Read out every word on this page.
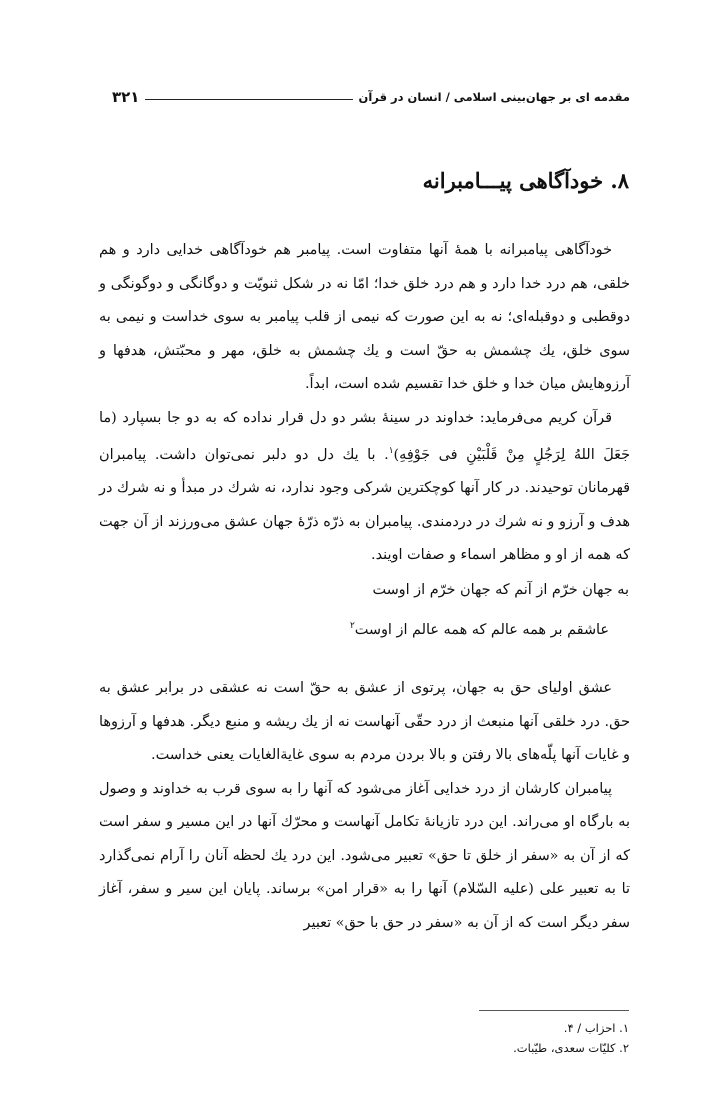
مقدمه ای بر جهان‌بینی اسلامی / انسان در قرآن
۳۲۱
۸. خودآگاهی پیـــامبرانه

خودآگاهی پیامبرانه با همهٔ آنها متفاوت است. پیامبر هم خودآگاهی خدایی دارد و هم خلقی، هم درد خدا دارد و هم درد خلق خدا؛ امّا نه در شکل ثنویّت و دوگانگی و دوگونگی و دوقطبی و دوقبله‌ای؛ نه به این صورت که نیمی از قلب پیامبر به سوی خداست و نیمی به سوی خلق، یك چشمش به حقّ است و یك چشمش به خلق، مهر و محبّتش، هدفها و آرزوهایش میان خدا و خلق خدا تقسیم شده است، ابداً.

قرآن کریم می‌فرماید: خداوند در سینهٔ بشر دو دل قرار نداده که به دو جا بسپارد (ما جَعَلَ اللهُ لِرَجُلٍ مِنْ قَلْبَیْنِ فی جَوْفِهِ)$^۱$. با یك دل دو دلبر نمی‌توان داشت. پیامبران قهرمانان توحیدند. در کار آنها کوچکترین شرکی وجود ندارد، نه شرك در مبدأ و نه شرك در هدف و آرزو و نه شرك در دردمندی. پیامبران به ذرّه ذرّهٔ جهان عشق می‌ورزند از آن جهت که همه از او و مظاهر اسماء و صفات اویند.

به جهان خرّم از آنم که جهان خرّم از اوست
عاشقم بر همه عالم که همه عالم از اوست$^۲$

عشق اولیای حق به جهان، پرتوی از عشق به حقّ است نه عشقی در برابر عشق به حق. درد خلقی آنها منبعث از درد حقّی آنهاست نه از یك ریشه و منبع دیگر. هدفها و آرزوها و غایات آنها پلّه‌های بالا رفتن و بالا بردن مردم به سوی غایة‌الغایات یعنی خداست.

پیامبران کارشان از درد خدایی آغاز می‌شود که آنها را به سوی قرب به خداوند و وصول به بارگاه او می‌راند. این درد تازیانهٔ تکامل آنهاست و محرّك آنها در این مسیر و سفر است که از آن به «سفر از خلق تا حق» تعبیر می‌شود. این درد یك لحظه آنان را آرام نمی‌گذارد تا به تعبیر علی (علیه السّلام) آنها را به «قرار امن» برساند. پایان این سیر و سفر، آغاز سفر دیگر است که از آن به «سفر در حق با حق» تعبیر

۱. احزاب / ۴.
۲. کلیّات سعدی، طیّبات.
